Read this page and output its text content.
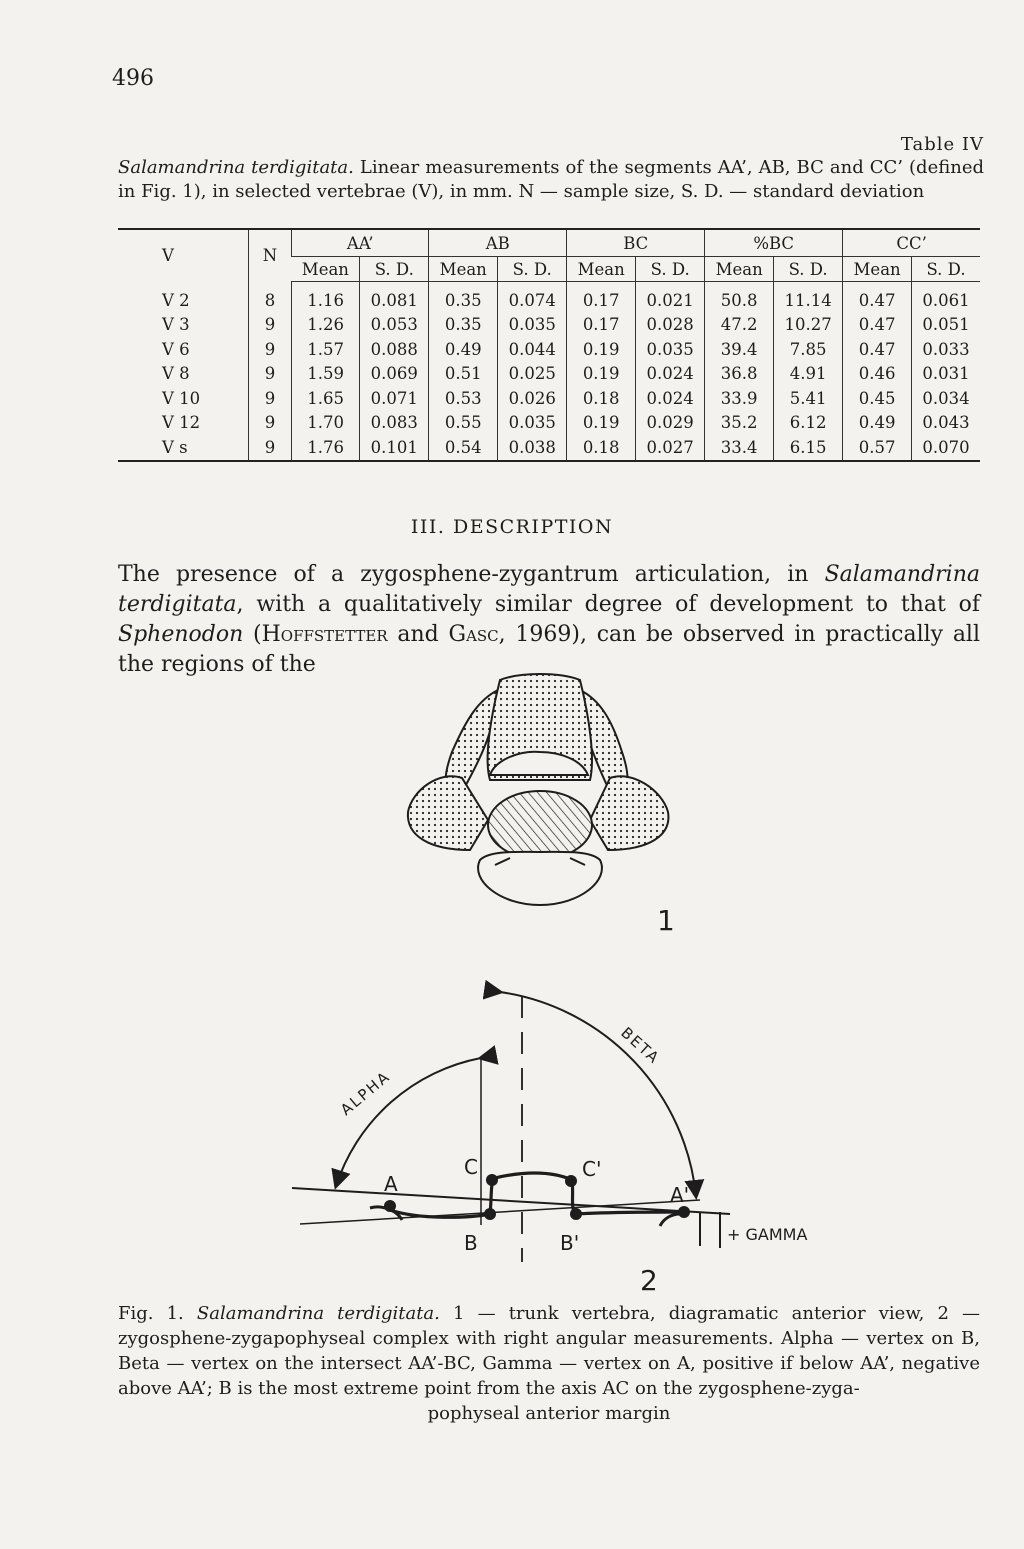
496
Table IV
Salamandrina terdigitata. Linear measurements of the segments AA’, AB, BC and CC’ (defined in Fig. 1), in selected vertebrae (V), in mm. N — sample size, S. D. — standard deviation
V	N	AA’		AB		BC		%BC		CC’	
		Mean	S. D.	Mean	S. D.	Mean	S. D.	Mean	S. D.	Mean	S. D.
V 2	8	1.16	0.081	0.35	0.074	0.17	0.021	50.8	11.14	0.47	0.061
V 3	9	1.26	0.053	0.35	0.035	0.17	0.028	47.2	10.27	0.47	0.051
V 6	9	1.57	0.088	0.49	0.044	0.19	0.035	39.4	7.85	0.47	0.033
V 8	9	1.59	0.069	0.51	0.025	0.19	0.024	36.8	4.91	0.46	0.031
V 10	9	1.65	0.071	0.53	0.026	0.18	0.024	33.9	5.41	0.45	0.034
V 12	9	1.70	0.083	0.55	0.035	0.19	0.029	35.2	6.12	0.49	0.043
V s	9	1.76	0.101	0.54	0.038	0.18	0.027	33.4	6.15	0.57	0.070
III. DESCRIPTION
The presence of a zygosphene-zygantrum articulation, in Salamandrina terdigitata, with a qualitatively similar degree of development to that of Sphenodon (Hoffstetter and Gasc, 1969), can be observed in practically all the regions of the
1
A
B
C	C'
A'
B'
ALPHA
BETA
+ GAMMA
2
Fig. 1. Salamandrina terdigitata. 1 — trunk vertebra, diagramatic anterior view, 2 — zygosphene-zygapophyseal complex with right angular measurements. Alpha — vertex on B, Beta — vertex on the intersect AA’-BC, Gamma — vertex on A, positive if below AA’, negative above AA’; B is the most extreme point from the axis AC on the zygosphene-zyga-
pophyseal anterior margin
